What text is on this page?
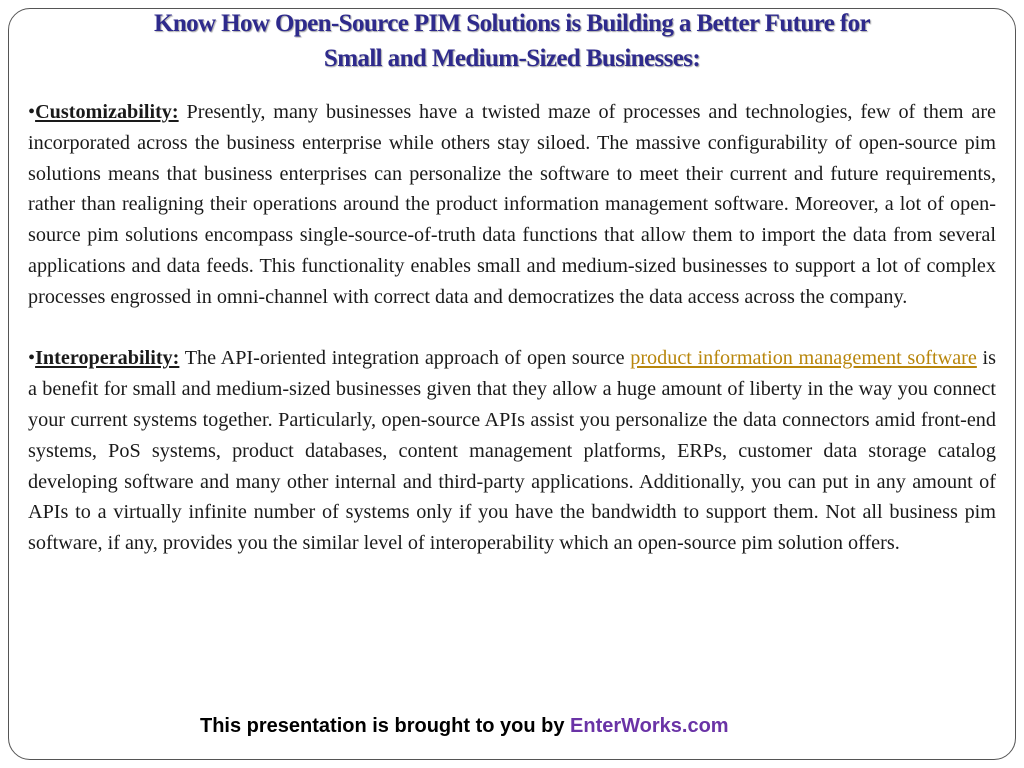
Know How Open-Source PIM Solutions is Building a Better Future for
Small and Medium-Sized Businesses:

•Customizability: Presently, many businesses have a twisted maze of processes and technologies, few of them are incorporated across the business enterprise while others stay siloed. The massive configurability of open-source pim solutions means that business enterprises can personalize the software to meet their current and future requirements, rather than realigning their operations around the product information management software. Moreover, a lot of open-source pim solutions encompass single-source-of-truth data functions that allow them to import the data from several applications and data feeds. This functionality enables small and medium-sized businesses to support a lot of complex processes engrossed in omni-channel with correct data and democratizes the data access across the company.

•Interoperability: The API-oriented integration approach of open source product information management software is a benefit for small and medium-sized businesses given that they allow a huge amount of liberty in the way you connect your current systems together. Particularly, open-source APIs assist you personalize the data connectors amid front-end systems, PoS systems, product databases, content management platforms, ERPs, customer data storage catalog developing software and many other internal and third-party applications. Additionally, you can put in any amount of APIs to a virtually infinite number of systems only if you have the bandwidth to support them. Not all business pim software, if any, provides you the similar level of interoperability which an open-source pim solution offers.

This presentation is brought to you by EnterWorks.com
